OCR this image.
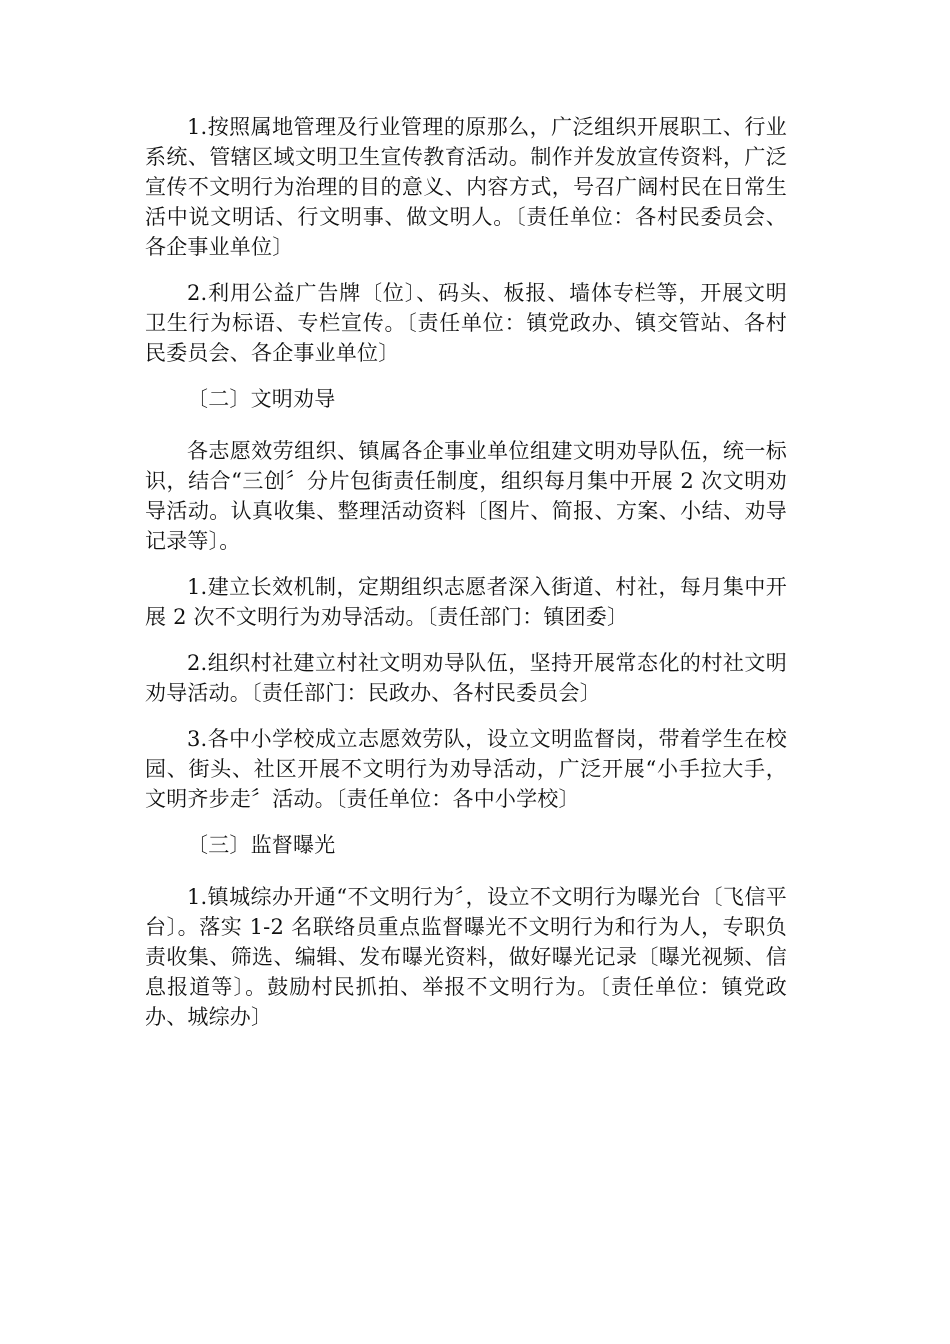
1.按照属地管理及行业管理的原那么，广泛组织开展职工、行业系统、管辖区域文明卫生宣传教育活动。制作并发放宣传资料，广泛宣传不文明行为治理的目的意义、内容方式，号召广阔村民在日常生活中说文明话、行文明事、做文明人。〔责任单位：各村民委员会、各企事业单位〕

2.利用公益广告牌〔位〕、码头、板报、墙体专栏等，开展文明卫生行为标语、专栏宣传。〔责任单位：镇党政办、镇交管站、各村民委员会、各企事业单位〕

〔二〕文明劝导

各志愿效劳组织、镇属各企事业单位组建文明劝导队伍，统一标识，结合“三创〞分片包街责任制度，组织每月集中开展 2 次文明劝导活动。认真收集、整理活动资料〔图片、简报、方案、小结、劝导记录等〕。

1.建立长效机制，定期组织志愿者深入街道、村社，每月集中开展 2 次不文明行为劝导活动。〔责任部门：镇团委〕

2.组织村社建立村社文明劝导队伍，坚持开展常态化的村社文明劝导活动。〔责任部门：民政办、各村民委员会〕

3.各中小学校成立志愿效劳队，设立文明监督岗，带着学生在校园、街头、社区开展不文明行为劝导活动，广泛开展“小手拉大手，文明齐步走〞活动。〔责任单位：各中小学校〕

〔三〕监督曝光

1.镇城综办开通“不文明行为〞，设立不文明行为曝光台〔飞信平台〕。落实 1-2 名联络员重点监督曝光不文明行为和行为人，专职负责收集、筛选、编辑、发布曝光资料，做好曝光记录〔曝光视频、信息报道等〕。鼓励村民抓拍、举报不文明行为。〔责任单位：镇党政办、城综办〕
